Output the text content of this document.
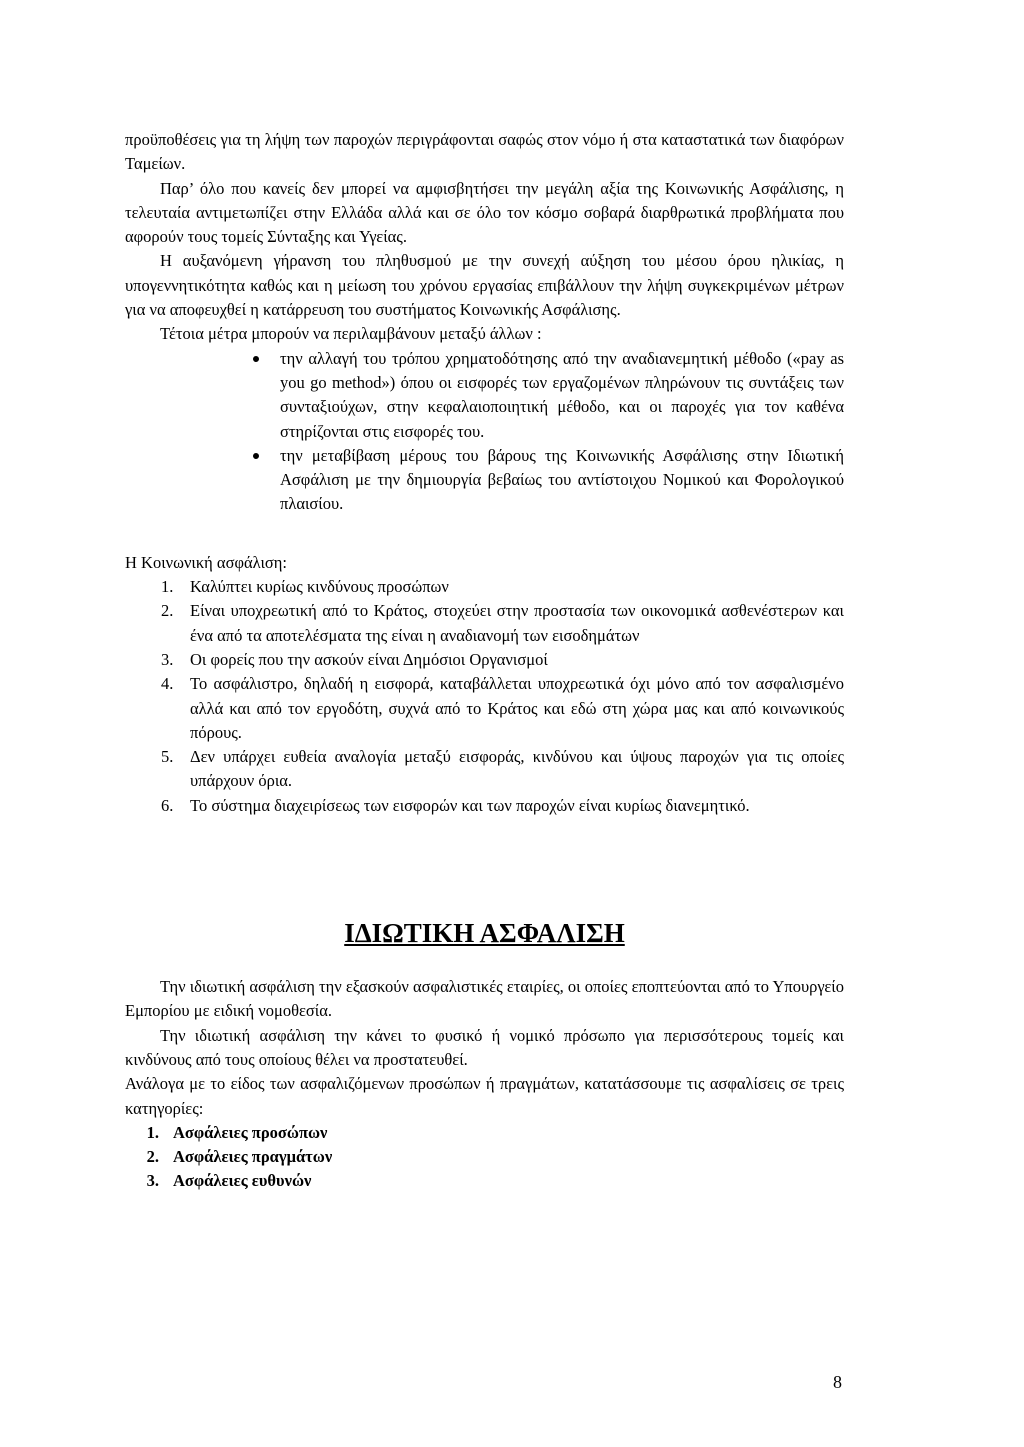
προϋποθέσεις για τη λήψη των παροχών περιγράφονται σαφώς στον νόμο ή στα καταστατικά των διαφόρων Ταμείων.

Παρ’ όλο που κανείς δεν μπορεί να αμφισβητήσει την μεγάλη αξία της Κοινωνικής Ασφάλισης, η τελευταία αντιμετωπίζει στην Ελλάδα αλλά και σε όλο τον κόσμο σοβαρά διαρθρωτικά προβλήματα που αφορούν τους τομείς Σύνταξης και Υγείας.

Η αυξανόμενη γήρανση του πληθυσμού με την συνεχή αύξηση του μέσου όρου ηλικίας, η υπογεννητικότητα καθώς και η μείωση του χρόνου εργασίας επιβάλλουν την λήψη συγκεκριμένων μέτρων για να αποφευχθεί η κατάρρευση του συστήματος Κοινωνικής Ασφάλισης.

Τέτοια μέτρα μπορούν να περιλαμβάνουν μεταξύ άλλων :

την αλλαγή του τρόπου χρηματοδότησης από την αναδιανεμητική μέθοδο («pay as you go method») όπου οι εισφορές των εργαζομένων πληρώνουν τις συντάξεις των συνταξιούχων, στην κεφαλαιοποιητική μέθοδο, και οι παροχές για τον καθένα στηρίζονται στις εισφορές του.
την μεταβίβαση μέρους του βάρους της Κοινωνικής Ασφάλισης στην Ιδιωτική Ασφάλιση με την δημιουργία βεβαίως του αντίστοιχου Νομικού και Φορολογικού πλαισίου.

Η Κοινωνική ασφάλιση:

1. Καλύπτει κυρίως κινδύνους προσώπων
2. Είναι υποχρεωτική από το Κράτος, στοχεύει στην προστασία των οικονομικά ασθενέστερων και ένα από τα αποτελέσματα της είναι η αναδιανομή των εισοδημάτων
3. Οι φορείς που την ασκούν είναι Δημόσιοι Οργανισμοί
4. Το ασφάλιστρο, δηλαδή η εισφορά, καταβάλλεται υποχρεωτικά όχι μόνο από τον ασφαλισμένο αλλά και από τον εργοδότη, συχνά από το Κράτος και εδώ στη χώρα μας και από κοινωνικούς πόρους.
5. Δεν υπάρχει ευθεία αναλογία μεταξύ εισφοράς, κινδύνου και ύψους παροχών για τις οποίες υπάρχουν όρια.
6. Το σύστημα διαχειρίσεως των εισφορών και των παροχών είναι κυρίως διανεμητικό.
ΙΔΙΩΤΙΚΗ ΑΣΦΑΛΙΣΗ

Την ιδιωτική ασφάλιση την εξασκούν ασφαλιστικές εταιρίες, οι οποίες εποπτεύονται από το Υπουργείο Εμπορίου με ειδική νομοθεσία.

Την ιδιωτική ασφάλιση την κάνει το φυσικό ή νομικό πρόσωπο για περισσότερους τομείς και κινδύνους από τους οποίους θέλει να προστατευθεί.

Ανάλογα με το είδος των ασφαλιζόμενων προσώπων ή πραγμάτων, κατατάσσουμε τις ασφαλίσεις σε τρεις κατηγορίες:

1. Ασφάλειες προσώπων
2. Ασφάλειες πραγμάτων
3. Ασφάλειες ευθυνών
8
